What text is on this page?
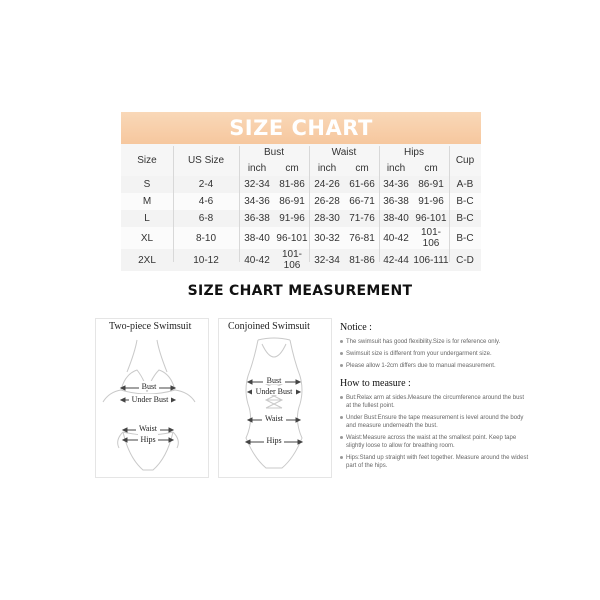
SIZE CHART
Size	US Size	Bust		Waist		Hips		Cup
		inch	cm	inch	cm	inch	cm	
S	2-4	32-34	81-86	24-26	61-66	34-36	86-91	A-B
M	4-6	34-36	86-91	26-28	66-71	36-38	91-96	B-C
L	6-8	36-38	91-96	28-30	71-76	38-40	96-101	B-C
XL	8-10	38-40	96-101	30-32	76-81	40-42	101-106	B-C
2XL	10-12	40-42	101-106	32-34	81-86	42-44	106-111	C-D
SIZE CHART MEASUREMENT
Two-piece Swimsuit
Bust
Under Bust
Waist
Hips
Conjoined Swimsuit
Bust
Under Bust
Waist
Hips
Notice :
The swimsuit has good flexibility.Size is for reference only.
Swimsuit size is different from your undergarment size.
Please allow 1-2cm differs due to manual measurement.
How to measure :
But:Relax arm at sides.Measure the circumference around the bust at the fullest point.
Under Bust:Ensure the tape measurement is level around the body and measure underneath the bust.
Waist:Measure across the waist at the smallest point. Keep tape slightly loose to allow for breathing room.
Hips:Stand up straight with feet together. Measure around the widest part of the hips.
